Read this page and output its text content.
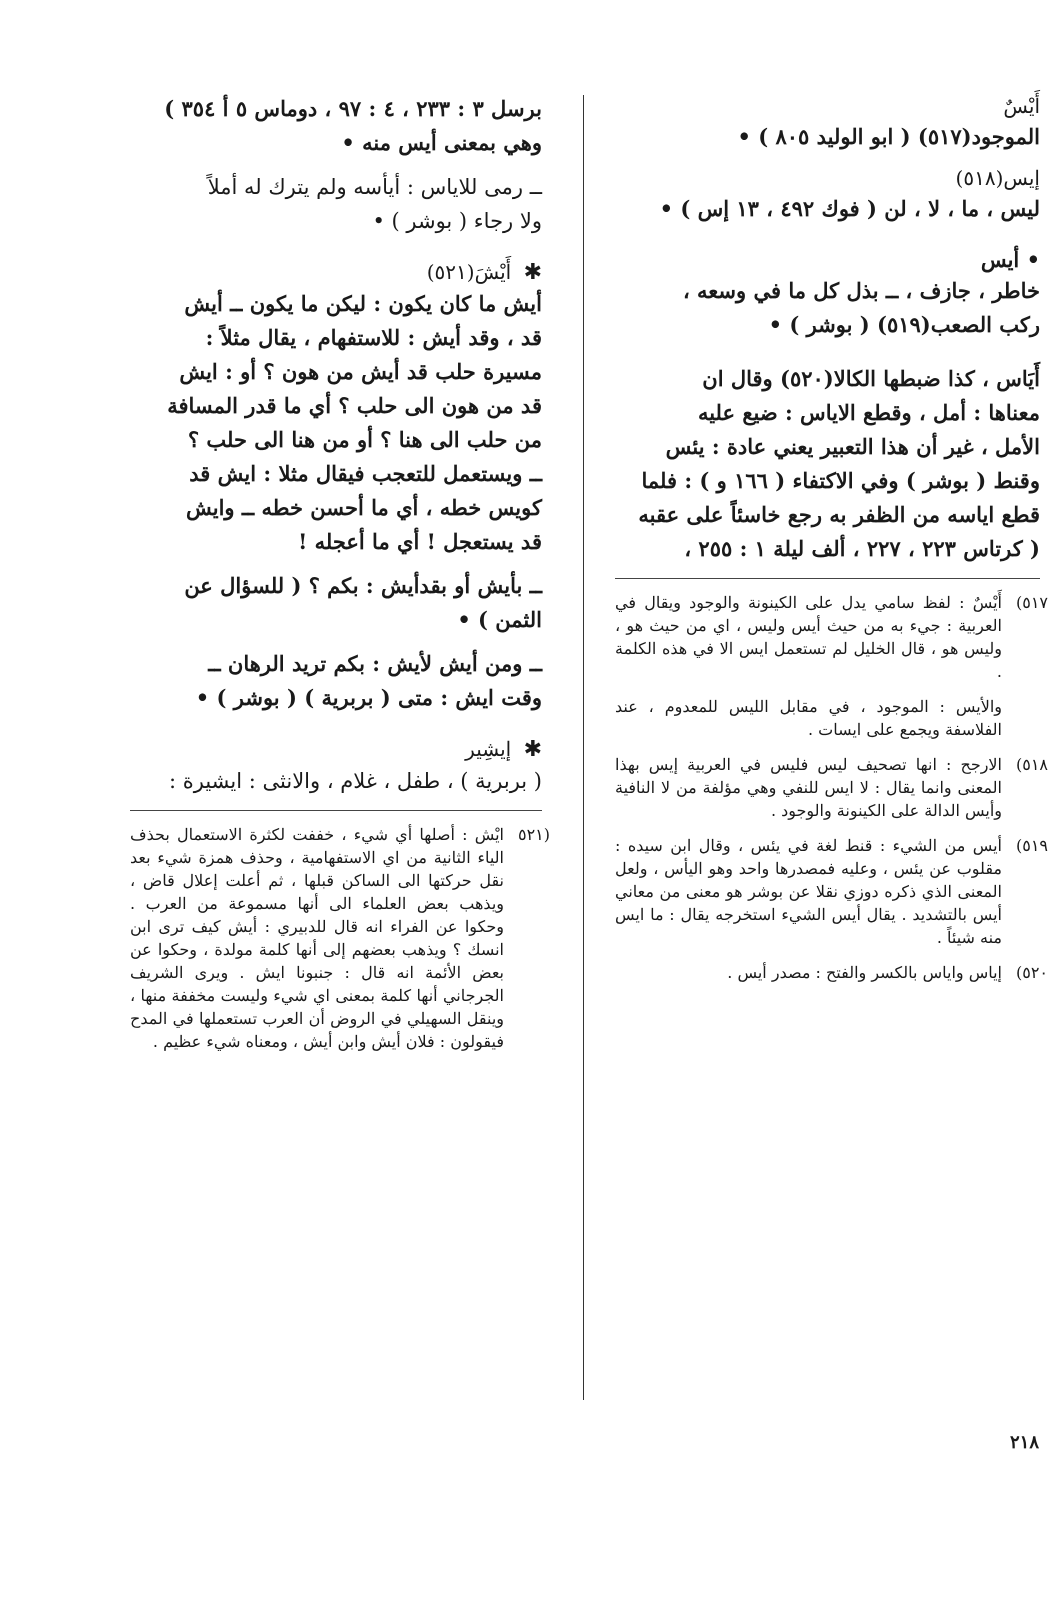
أَيْسٌ

الموجود(٥١٧) ( ابو الوليد ٨٠٥ ) •

إيس(٥١٨)

ليس ، ما ، لا ، لن ( فوك ٤٩٢ ، ١٣ إس ) •

• أيس

خاطر ، جازف ، ــ بذل كل ما في وسعه ،

ركب الصعب(٥١٩) ( بوشر ) •

أَيَاس ، كذا ضبطها الكالا(٥٢٠) وقال ان

معناها : أمل ، وقطع الاياس : ضيع عليه

الأمل ، غير أن هذا التعبير يعني عادة : يئس

وقنط ( بوشر ) وفي الاكتفاء ( ١٦٦ و ) : فلما

قطع اياسه من الظفر به رجع خاسئاً على عقبه

( كرتاس ٢٢٣ ، ٢٢٧ ، ألف ليلة ١ : ٢٥٥ ،

٥١٧)
أَيْسٌ : لفظ سامي يدل على الكينونة والوجود ويقال في العربية : جيء به من حيث أيس وليس ، اي من حيث هو ، وليس هو ، قال الخليل لم تستعمل ايس الا في هذه الكلمة .
والأيس : الموجود ، في مقابل الليس للمعدوم ، عند الفلاسفة ويجمع على ايسات .
٥١٨)
الارجح : انها تصحيف ليس فليس في العربية إيس بهذا المعنى وانما يقال : لا ايس للنفي وهي مؤلفة من لا النافية وأيس الدالة على الكينونة والوجود .
٥١٩)
أيس من الشيء : قنط لغة في يئس ، وقال ابن سيده : مقلوب عن يئس ، وعليه فمصدرها واحد وهو اليأس ، ولعل المعنى الذي ذكره دوزي نقلا عن بوشر هو معنى من معاني أيس بالتشديد . يقال أيس الشيء استخرجه يقال : ما ايس منه شيئاً .
٥٢٠)
إياس واياس بالكسر والفتح : مصدر أيس .

برسل ٣ : ٢٣٣ ، ٤ : ٩٧ ، دوماس ٥ أ ٣٥٤ )

وهي بمعنى أيس منه •

ــ رمى للاياس : أيأسه ولم يترك له أملاً

ولا رجاء ( بوشر ) •

✱ أَيْشَ(٥٢١)

أيش ما كان يكون : ليكن ما يكون ــ أيش

قد ، وقد أيش : للاستفهام ، يقال مثلاً :

مسيرة حلب قد أيش من هون ؟ أو : ايش

قد من هون الى حلب ؟ أي ما قدر المسافة

من حلب الى هنا ؟ أو من هنا الى حلب ؟

ــ ويستعمل للتعجب فيقال مثلا : ايش قد

كويس خطه ، أي ما أحسن خطه ــ وايش

قد يستعجل ! أي ما أعجله !

ــ بأيش أو بقدأيش : بكم ؟ ( للسؤال عن

الثمن ) •

ــ ومن أيش لأيش : بكم تريد الرهان ــ

وقت ايش : متى ( بربرية ) ( بوشر ) •

✱ إيشِير

( بربرية ) ، طفل ، غلام ، والانثى : ايشيرة :

(٥٢١
ايْش : أصلها أي شيء ، خففت لكثرة الاستعمال بحذف الياء الثانية من اي الاستفهامية ، وحذف همزة شيء بعد نقل حركتها الى الساكن قبلها ، ثم أعلت إعلال قاض ، ويذهب بعض العلماء الى أنها مسموعة من العرب . وحكوا عن الفراء انه قال للدبيري : أيش كيف ترى ابن انسك ؟ ويذهب بعضهم إلى أنها كلمة مولدة ، وحكوا عن بعض الأئمة انه قال : جنبونا ايش . ويرى الشريف الجرجاني أنها كلمة بمعنى اي شيء وليست مخففة منها ، وينقل السهيلي في الروض أن العرب تستعملها في المدح فيقولون : فلان أيش وابن أيش ، ومعناه شيء عظيم .
٢١٨
